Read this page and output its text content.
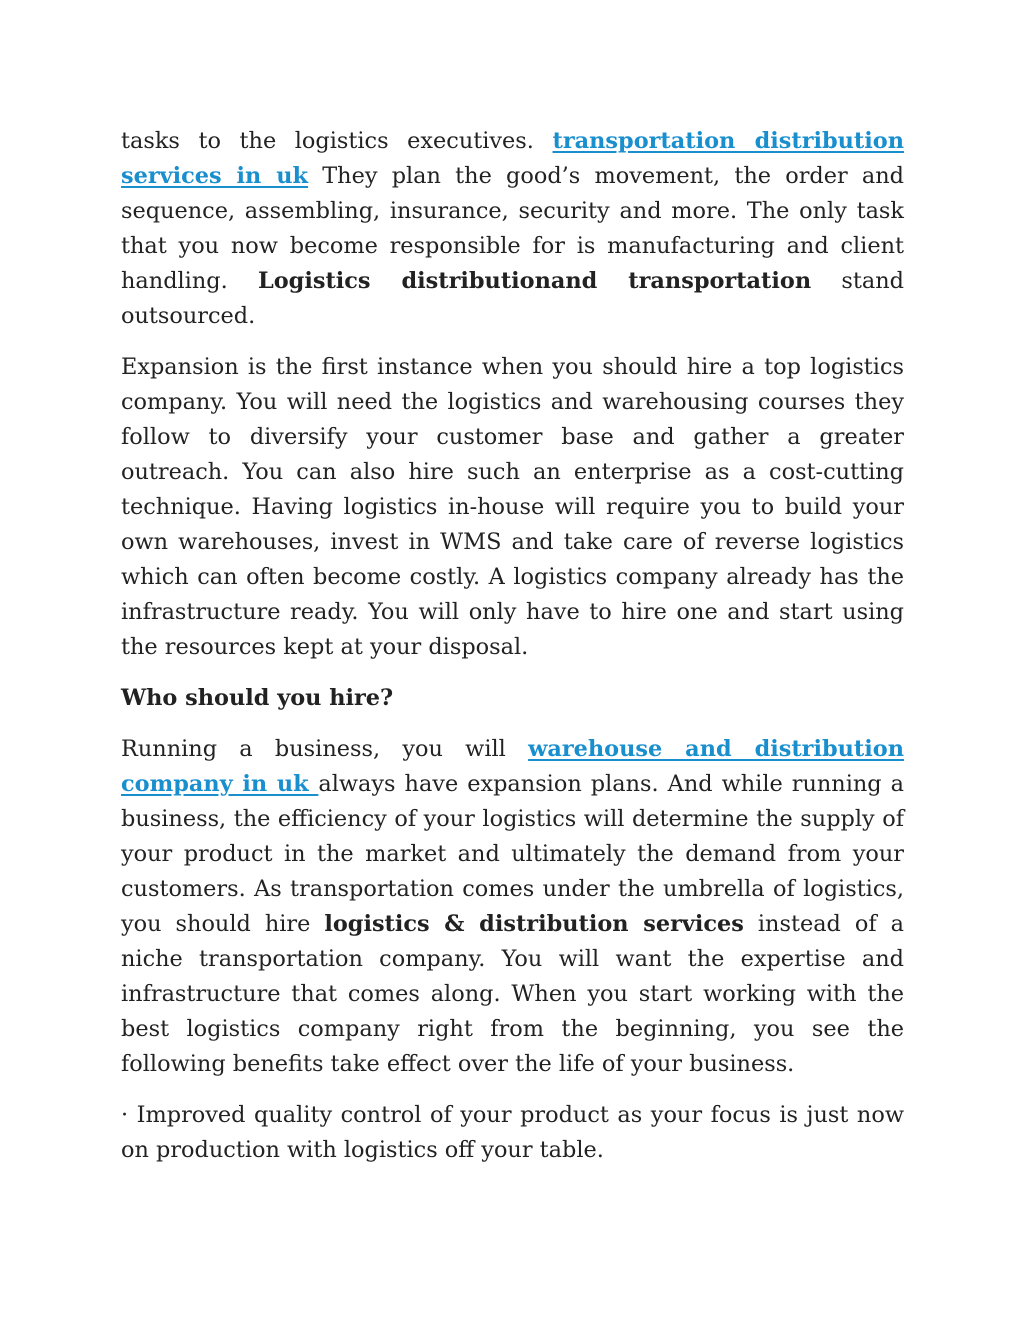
tasks to the logistics executives. transportation distribution services in uk They plan the good’s movement, the order and sequence, assembling, insurance, security and more. The only task that you now become responsible for is manufacturing and client handling. Logistics distributionand transportation stand outsourced.

Expansion is the first instance when you should hire a top logistics company. You will need the logistics and warehousing courses they follow to diversify your customer base and gather a greater outreach. You can also hire such an enterprise as a cost-cutting technique. Having logistics in-house will require you to build your own warehouses, invest in WMS and take care of reverse logistics which can often become costly. A logistics company already has the infrastructure ready. You will only have to hire one and start using the resources kept at your disposal.

Who should you hire?

Running a business, you will warehouse and distribution company in uk always have expansion plans. And while running a business, the efficiency of your logistics will determine the supply of your product in the market and ultimately the demand from your customers. As transportation comes under the umbrella of logistics, you should hire logistics & distribution services instead of a niche transportation company. You will want the expertise and infrastructure that comes along. When you start working with the best logistics company right from the beginning, you see the following benefits take effect over the life of your business.

· Improved quality control of your product as your focus is just now on production with logistics off your table.
